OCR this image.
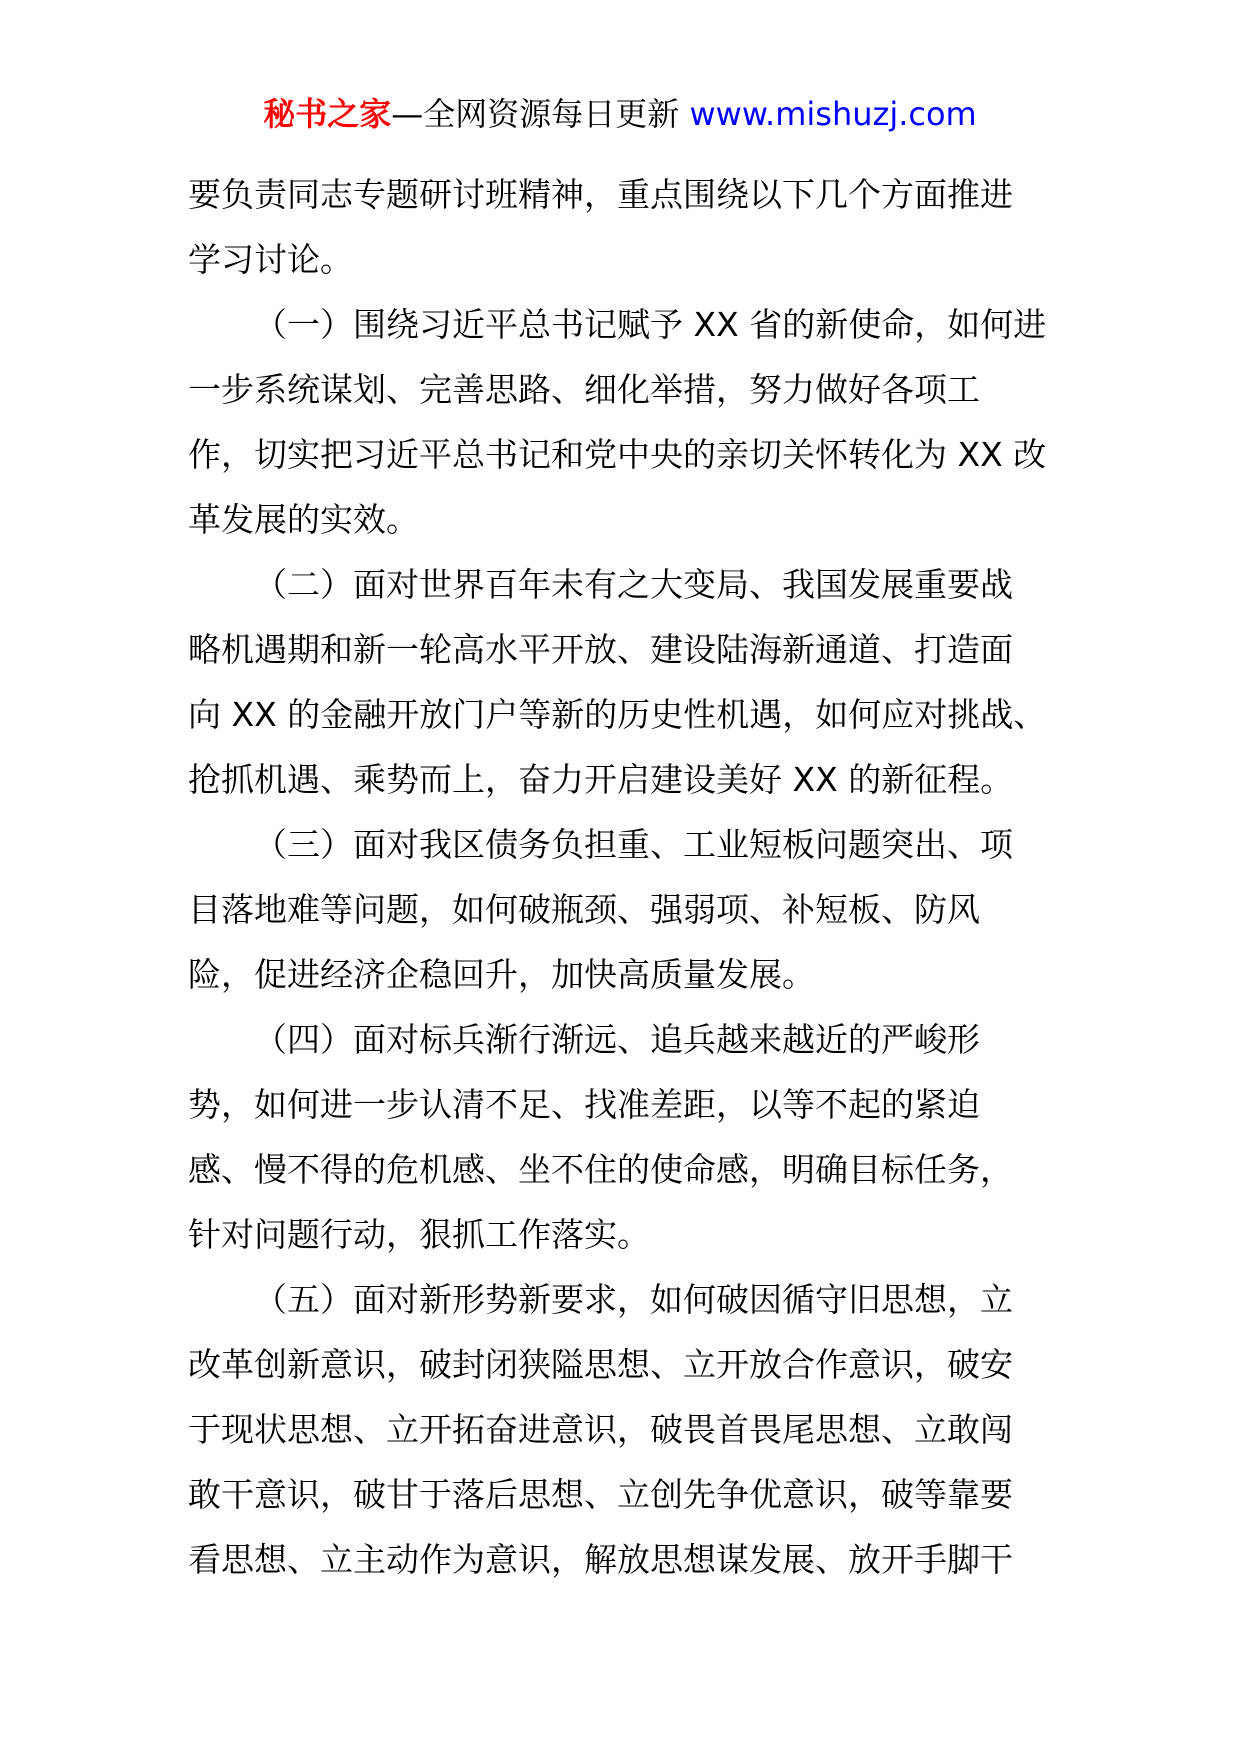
秘书之家—全网资源每日更新 www.mishuzj.com
要负责同志专题研讨班精神，重点围绕以下几个方面推进
学习讨论。
（一）围绕习近平总书记赋予 XX 省的新使命，如何进
一步系统谋划、完善思路、细化举措，努力做好各项工
作，切实把习近平总书记和党中央的亲切关怀转化为 XX 改
革发展的实效。
（二）面对世界百年未有之大变局、我国发展重要战
略机遇期和新一轮高水平开放、建设陆海新通道、打造面
向 XX 的金融开放门户等新的历史性机遇，如何应对挑战、
抢抓机遇、乘势而上，奋力开启建设美好 XX 的新征程。
（三）面对我区债务负担重、工业短板问题突出、项
目落地难等问题，如何破瓶颈、强弱项、补短板、防风
险，促进经济企稳回升，加快高质量发展。
（四）面对标兵渐行渐远、追兵越来越近的严峻形
势，如何进一步认清不足、找准差距，以等不起的紧迫
感、慢不得的危机感、坐不住的使命感，明确目标任务，
针对问题行动，狠抓工作落实。
（五）面对新形势新要求，如何破因循守旧思想，立
改革创新意识，破封闭狭隘思想、立开放合作意识，破安
于现状思想、立开拓奋进意识，破畏首畏尾思想、立敢闯
敢干意识，破甘于落后思想、立创先争优意识，破等靠要
看思想、立主动作为意识，解放思想谋发展、放开手脚干
